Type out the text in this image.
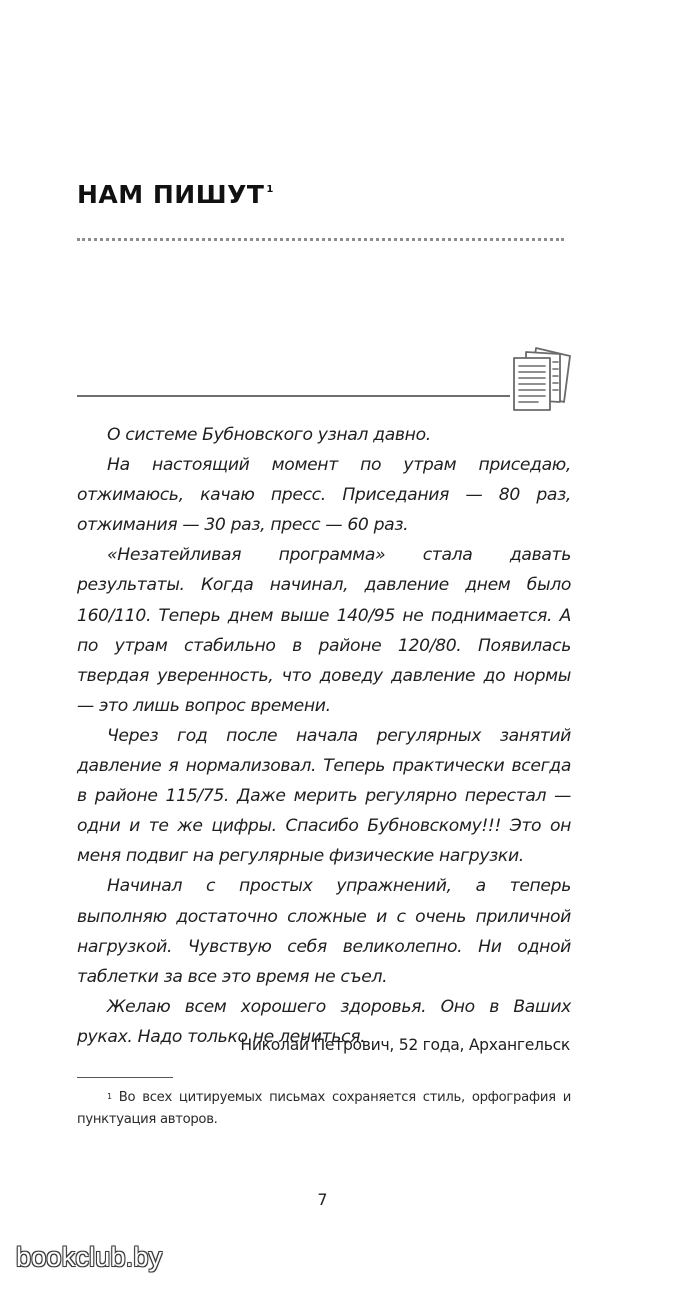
НАМ ПИШУТ $^1$

О системе Бубновского узнал давно.

На настоящий момент по утрам приседаю, отжимаюсь, качаю пресс. Приседания — 80 раз, отжимания — 30 раз, пресс — 60 раз.

«Незатейливая программа» стала давать результаты. Когда начинал, давление днем было 160/110. Теперь днем выше 140/95 не поднимается. А по утрам стабильно в районе 120/80. Появилась твердая уверенность, что доведу давление до нормы — это лишь вопрос времени.

Через год после начала регулярных занятий давление я нормализовал. Теперь практически всегда в районе 115/75. Даже мерить регулярно перестал — одни и те же цифры. Спасибо Бубновскому!!! Это он меня подвиг на регулярные физические нагрузки.

Начинал с простых упражнений, а теперь выполняю достаточно сложные и с очень приличной нагрузкой. Чувствую себя великолепно. Ни одной таблетки за все это время не съел.

Желаю всем хорошего здоровья. Оно в Ваших руках. Надо только не лениться.

Николай Петрович, 52 года, Архангельск
$^1$ Во всех цитируемых письмах сохраняется стиль, орфография и пунктуация авторов.
7
bookclub.by
